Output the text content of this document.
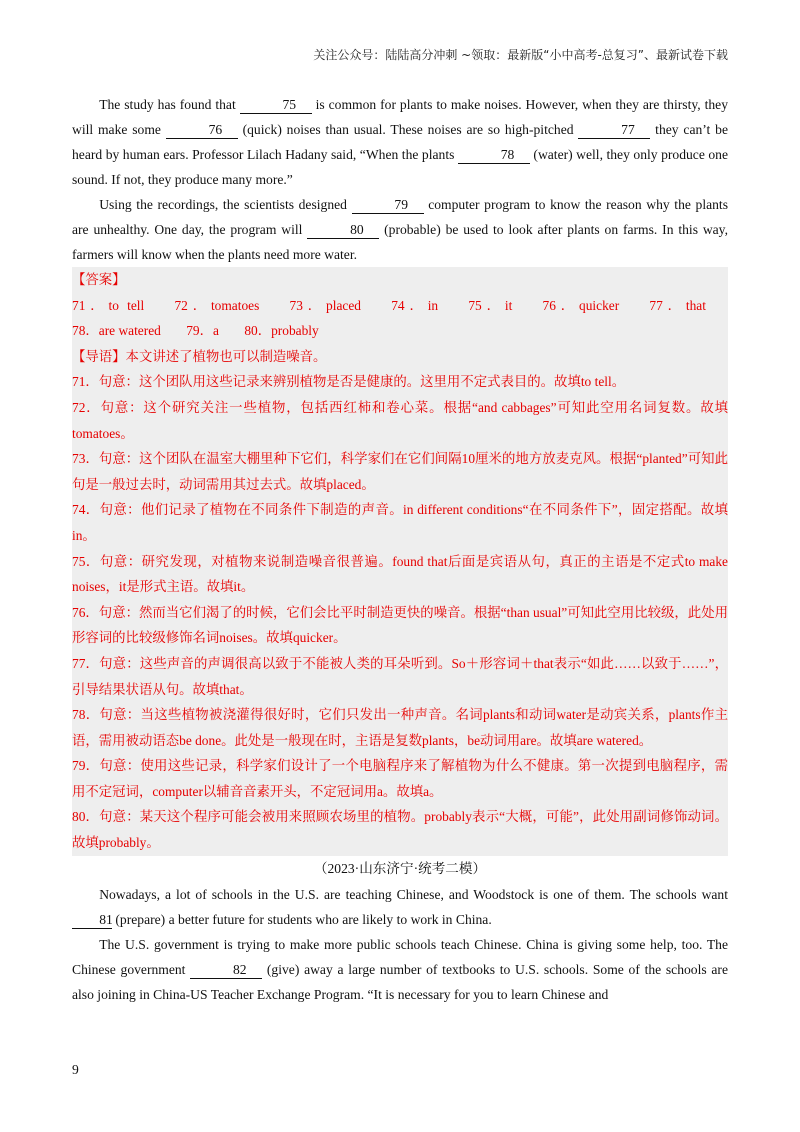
关注公众号：陆陆高分冲刺 ~领取：最新版“小中高考-总复习”、最新试卷下载

The study has found that	75 is common for plants to make noises. However, when they are thirsty, they will make some	76 (quick) noises than usual. These noises are so high-pitched	77 they can’t be heard by human ears. Professor Lilach Hadany said, “When the plants	78 (water) well, they only produce one sound. If not, they produce many more.”

Using the recordings, the scientists designed	79 computer program to know the reason why the plants are unhealthy. One day, the program will	80 (probable) be used to look after plants on farms. In this way, farmers will know when the plants need more water.

【答案】

71．to tell 72．tomatoes 73．placed 74．in 75．it 76．quicker 77．that 78．are watered 79．a 80．probably

【导语】本文讲述了植物也可以制造噪音。

71．句意：这个团队用这些记录来辨别植物是否是健康的。这里用不定式表目的。故填to tell。

72．句意：这个研究关注一些植物，包括西红柿和卷心菜。根据“and cabbages”可知此空用名词复数。故填tomatoes。

73．句意：这个团队在温室大棚里种下它们，科学家们在它们间隔10厘米的地方放麦克风。根据“planted”可知此句是一般过去时，动词需用其过去式。故填placed。

74．句意：他们记录了植物在不同条件下制造的声音。in different conditions“在不同条件下”，固定搭配。故填in。

75．句意：研究发现，对植物来说制造噪音很普遍。found that后面是宾语从句，真正的主语是不定式to make noises，it是形式主语。故填it。

76．句意：然而当它们渴了的时候，它们会比平时制造更快的噪音。根据“than usual”可知此空用比较级，此处用形容词的比较级修饰名词noises。故填quicker。

77．句意：这些声音的声调很高以致于不能被人类的耳朵听到。So＋形容词＋that表示“如此……以致于……”，引导结果状语从句。故填that。

78．句意：当这些植物被浇灌得很好时，它们只发出一种声音。名词plants和动词water是动宾关系，plants作主语，需用被动语态be done。此处是一般现在时，主语是复数plants，be动词用are。故填are watered。

79．句意：使用这些记录，科学家们设计了一个电脑程序来了解植物为什么不健康。第一次提到电脑程序，需用不定冠词，computer以辅音音素开头，不定冠词用a。故填a。

80．句意：某天这个程序可能会被用来照顾农场里的植物。probably表示“大概，可能”，此处用副词修饰动词。故填probably。

（2023·山东济宁·统考二模）

Nowadays, a lot of schools in the U.S. are teaching Chinese, and Woodstock is one of them. The schools want 81 (prepare) a better future for students who are likely to work in China.

The U.S. government is trying to make more public schools teach Chinese. China is giving some help, too. The Chinese government	82 (give) away a large number of textbooks to U.S. schools. Some of the schools are also joining in China-US Teacher Exchange Program. “It is necessary for you to learn Chinese and

9
